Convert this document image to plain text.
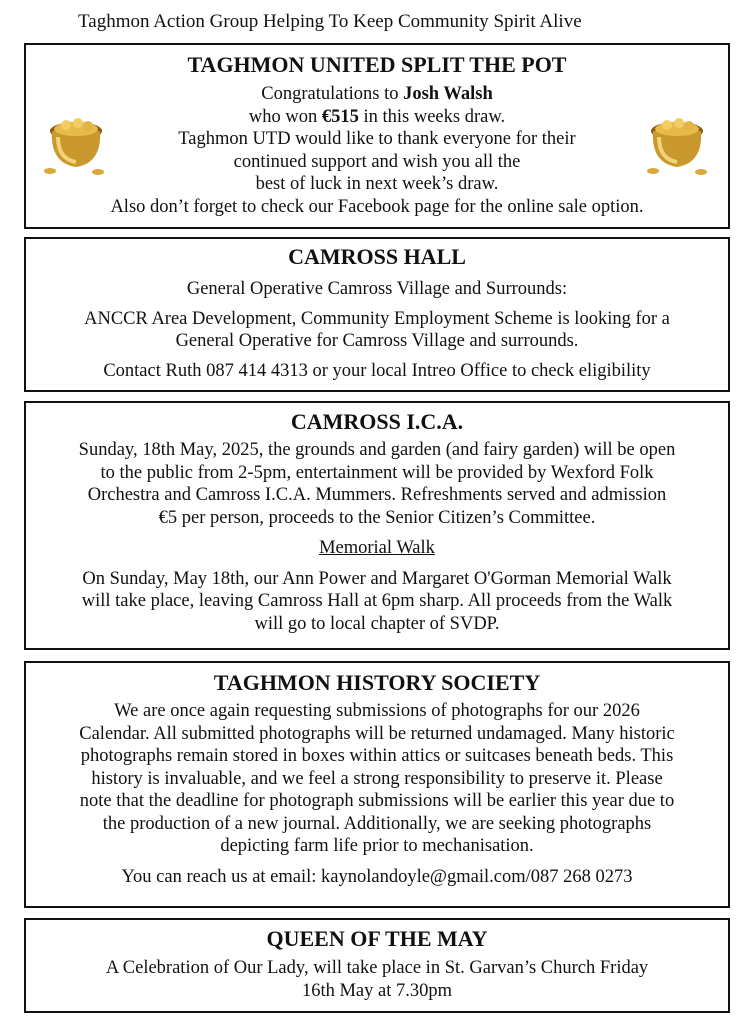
Taghmon Action Group Helping To Keep Community Spirit Alive
TAGHMON UNITED SPLIT THE POT
Congratulations to Josh Walsh
who won €515 in this weeks draw.
Taghmon UTD would like to thank everyone for their
continued support and wish you all the
best of luck in next week’s draw.
Also don’t forget to check our Facebook page for the online sale option.
CAMROSS HALL
General Operative Camross Village and Surrounds:
ANCCR Area Development, Community Employment Scheme is looking for a
General Operative for Camross Village and surrounds.
Contact Ruth 087 414 4313 or your local Intreo Office to check eligibility
CAMROSS I.C.A.
Sunday, 18th May, 2025, the grounds and garden (and fairy garden) will be open
to the public from 2-5pm, entertainment will be provided by Wexford Folk
Orchestra and Camross I.C.A. Mummers. Refreshments served and admission
€5 per person, proceeds to the Senior Citizen’s Committee.
Memorial Walk
On Sunday, May 18th, our Ann Power and Margaret O'Gorman Memorial Walk
will take place, leaving Camross Hall at 6pm sharp. All proceeds from the Walk
will go to local chapter of SVDP.
TAGHMON HISTORY SOCIETY
We are once again requesting submissions of photographs for our 2026
Calendar. All submitted photographs will be returned undamaged. Many historic
photographs remain stored in boxes within attics or suitcases beneath beds. This
history is invaluable, and we feel a strong responsibility to preserve it. Please
note that the deadline for photograph submissions will be earlier this year due to
the production of a new journal. Additionally, we are seeking photographs
depicting farm life prior to mechanisation.
You can reach us at email: kaynolandoyle@gmail.com/087 268 0273
QUEEN OF THE MAY
A Celebration of Our Lady, will take place in St. Garvan’s Church Friday
16th May at 7.30pm
